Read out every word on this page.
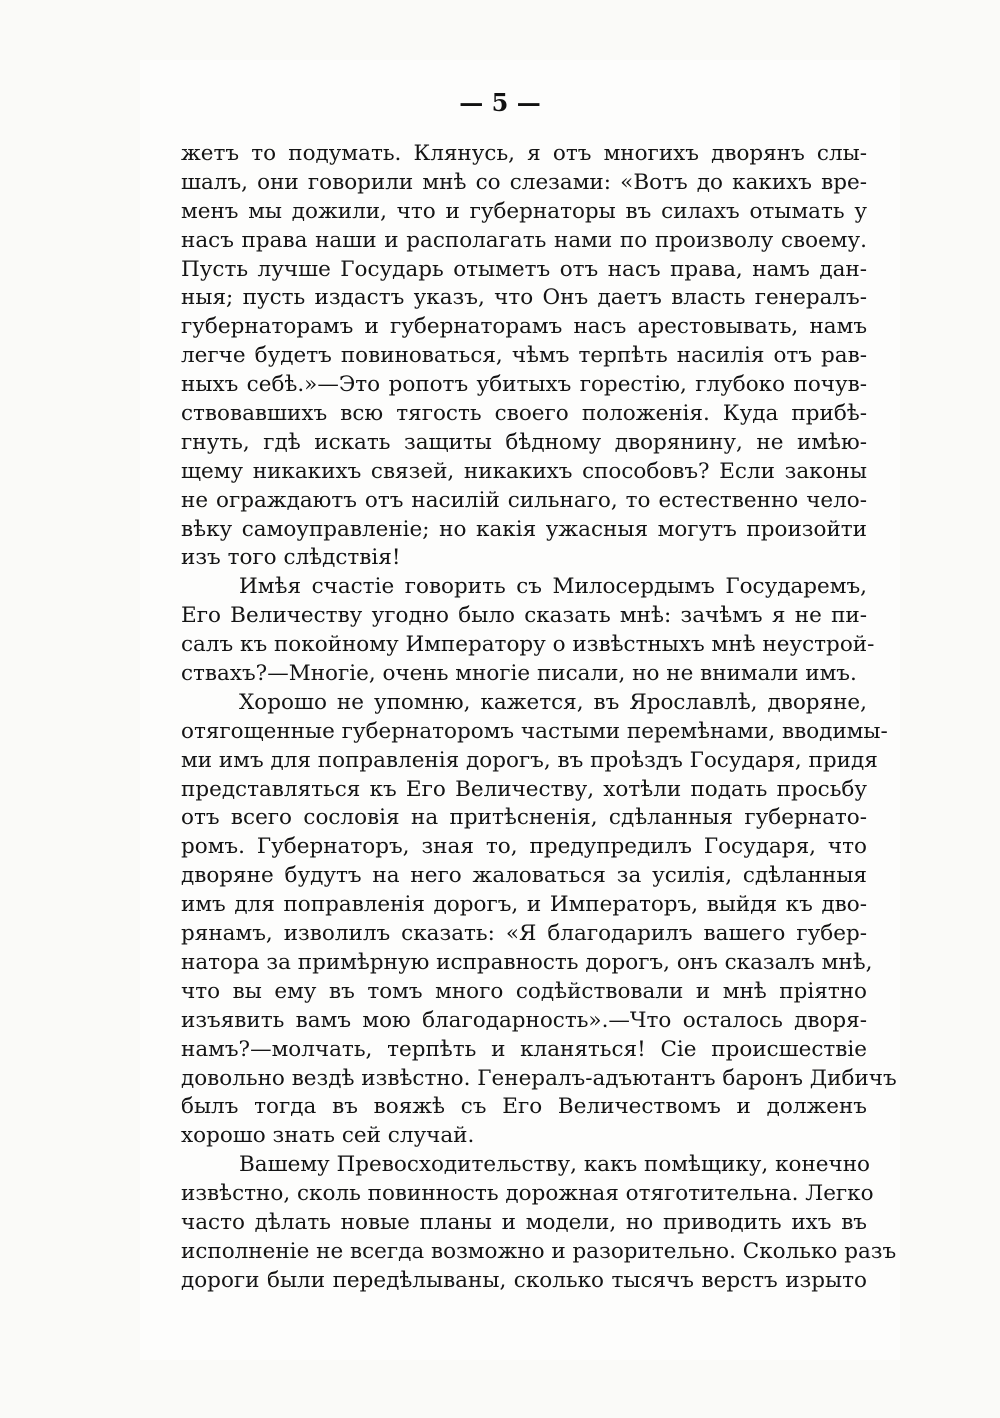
— 5 —

жетъ то подумать. Клянусь, я отъ многихъ дворянъ слы-
шалъ, они говорили мнѣ со слезами: «Вотъ до какихъ вре-
менъ мы дожили, что и губернаторы въ силахъ отымать у
насъ права наши и располагать нами по произволу своему.
Пусть лучше Государь отыметъ отъ насъ права, намъ дан-
ныя; пусть издастъ указъ, что Онъ даетъ власть генералъ-
губернаторамъ и губернаторамъ насъ арестовывать, намъ
легче будетъ повиноваться, чѣмъ терпѣть насилія отъ рав-
ныхъ себѣ.»—Это ропотъ убитыхъ горестію, глубоко почув-
ствовавшихъ всю тягость своего положенія. Куда прибѣ-
гнуть, гдѣ искать защиты бѣдному дворянину, не имѣю-
щему никакихъ связей, никакихъ способовъ? Если законы
не ограждаютъ отъ насилій сильнаго, то естественно чело-
вѣку самоуправленіе; но какія ужасныя могутъ произойти
изъ того слѣдствія!
Имѣя счастіе говорить съ Милосердымъ Государемъ,
Его Величеству угодно было сказать мнѣ: зачѣмъ я не пи-
салъ къ покойному Императору о извѣстныхъ мнѣ неустрой-
ствахъ?—Многіе, очень многіе писали, но не внимали имъ.
Хорошо не упомню, кажется, въ Ярославлѣ, дворяне,
отягощенные губернаторомъ частыми перемѣнами, вводимы-
ми имъ для поправленія дорогъ, въ проѣздъ Государя, придя
представляться къ Его Величеству, хотѣли подать просьбу
отъ всего сословія на притѣсненія, сдѣланныя губернато-
ромъ. Губернаторъ, зная то, предупредилъ Государя, что
дворяне будутъ на него жаловаться за усилія, сдѣланныя
имъ для поправленія дорогъ, и Императоръ, выйдя къ дво-
рянамъ, изволилъ сказать: «Я благодарилъ вашего губер-
натора за примѣрную исправность дорогъ, онъ сказалъ мнѣ,
что вы ему въ томъ много содѣйствовали и мнѣ пріятно
изъявить вамъ мою благодарность».—Что осталось дворя-
намъ?—молчать, терпѣть и кланяться! Сіе происшествіе
довольно вездѣ извѣстно. Генералъ-адъютантъ баронъ Дибичъ
былъ тогда въ вояжѣ съ Его Величествомъ и долженъ
хорошо знать сей случай.
Вашему Превосходительству, какъ помѣщику, конечно
извѣстно, сколь повинность дорожная отяготительна. Легко
часто дѣлать новые планы и модели, но приводить ихъ въ
исполненіе не всегда возможно и разорительно. Сколько разъ
дороги были передѣлываны, сколько тысячъ верстъ изрыто
